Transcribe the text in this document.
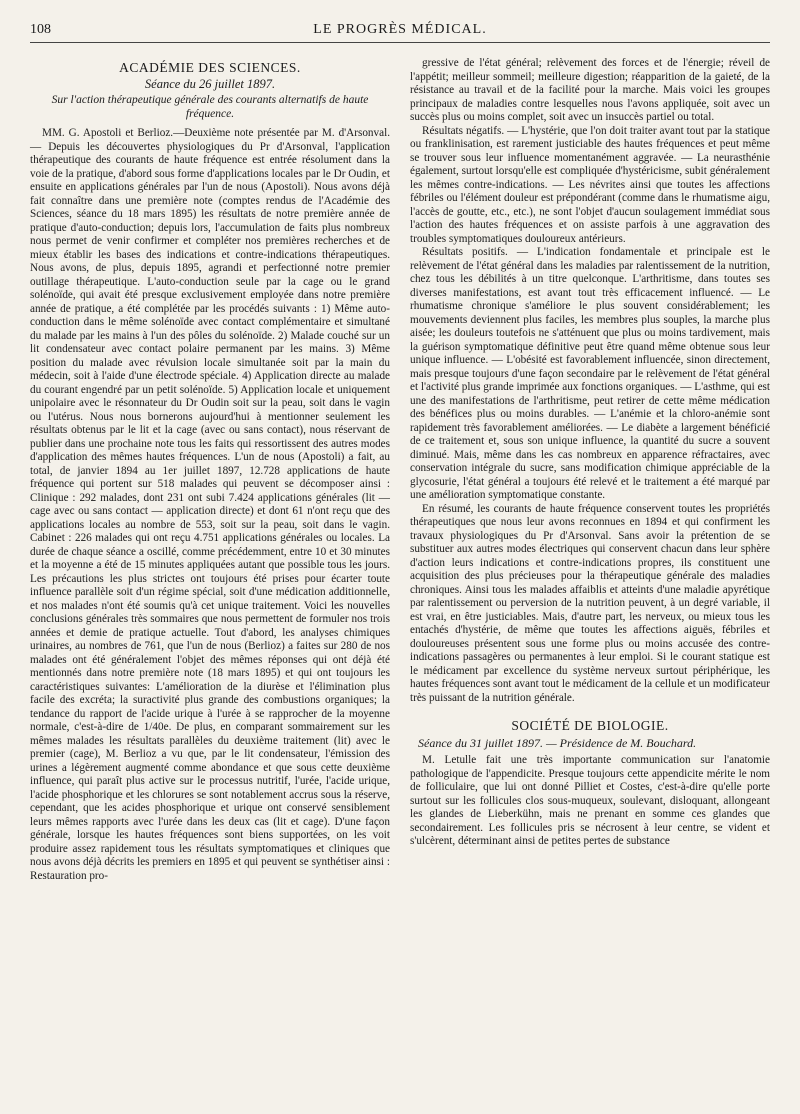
108	LE PROGRÈS MÉDICAL.
ACADÉMIE DES SCIENCES.
Séance du 26 juillet 1897.
Sur l'action thérapeutique générale des courants alternatifs de haute fréquence.

MM. G. Apostoli et Berlioz.—Deuxième note présentée par M. d'Arsonval. — Depuis les découvertes physiologiques du Pr d'Arsonval, l'application thérapeutique des courants de haute fréquence est entrée résolument dans la voie de la pratique, d'abord sous forme d'applications locales par le Dr Oudin, et ensuite en applications générales par l'un de nous (Apostoli). Nous avons déjà fait connaître dans une première note (comptes rendus de l'Académie des Sciences, séance du 18 mars 1895) les résultats de notre première année de pratique d'auto-conduction; depuis lors, l'accumulation de faits plus nombreux nous permet de venir confirmer et compléter nos premières recherches et de mieux établir les bases des indications et contre-indications thérapeutiques. Nous avons, de plus, depuis 1895, agrandi et perfectionné notre premier outillage thérapeutique. L'auto-conduction seule par la cage ou le grand solénoïde, qui avait été presque exclusivement employée dans notre première année de pratique, a été complétée par les procédés suivants : 1) Même auto-conduction dans le même solénoïde avec contact complémentaire et simultané du malade par les mains à l'un des pôles du solénoïde. 2) Malade couché sur un lit condensateur avec contact polaire permanent par les mains. 3) Même position du malade avec révulsion locale simultanée soit par la main du médecin, soit à l'aide d'une électrode spéciale. 4) Application directe au malade du courant engendré par un petit solénoïde. 5) Application locale et uniquement unipolaire avec le résonnateur du Dr Oudin soit sur la peau, soit dans le vagin ou l'utérus. Nous nous bornerons aujourd'hui à mentionner seulement les résultats obtenus par le lit et la cage (avec ou sans contact), nous réservant de publier dans une prochaine note tous les faits qui ressortissent des autres modes d'application des mêmes hautes fréquences. L'un de nous (Apostoli) a fait, au total, de janvier 1894 au 1er juillet 1897, 12.728 applications de haute fréquence qui portent sur 518 malades qui peuvent se décomposer ainsi : Clinique : 292 malades, dont 231 ont subi 7.424 applications générales (lit — cage avec ou sans contact — application directe) et dont 61 n'ont reçu que des applications locales au nombre de 553, soit sur la peau, soit dans le vagin. Cabinet : 226 malades qui ont reçu 4.751 applications générales ou locales. La durée de chaque séance a oscillé, comme précédemment, entre 10 et 30 minutes et la moyenne a été de 15 minutes appliquées autant que possible tous les jours. Les précautions les plus strictes ont toujours été prises pour écarter toute influence parallèle soit d'un régime spécial, soit d'une médication additionnelle, et nos malades n'ont été soumis qu'à cet unique traitement. Voici les nouvelles conclusions générales très sommaires que nous permettent de formuler nos trois années et demie de pratique actuelle. Tout d'abord, les analyses chimiques urinaires, au nombres de 761, que l'un de nous (Berlioz) a faites sur 280 de nos malades ont été généralement l'objet des mêmes réponses qui ont déjà été mentionnés dans notre première note (18 mars 1895) et qui ont toujours les caractéristiques suivantes: L'amélioration de la diurèse et l'élimination plus facile des excréta; la suractivité plus grande des combustions organiques; la tendance du rapport de l'acide urique à l'urée à se rapprocher de la moyenne normale, c'est-à-dire de 1/40e. De plus, en comparant sommairement sur les mêmes malades les résultats parallèles du deuxième traitement (lit) avec le premier (cage), M. Berlioz a vu que, par le lit condensateur, l'émission des urines a légèrement augmenté comme abondance et que sous cette deuxième influence, qui paraît plus active sur le processus nutritif, l'urée, l'acide urique, l'acide phosphorique et les chlorures se sont notablement accrus sous la réserve, cependant, que les acides phosphorique et urique ont conservé sensiblement leurs mêmes rapports avec l'urée dans les deux cas (lit et cage). D'une façon générale, lorsque les hautes fréquences sont biens supportées, on les voit produire assez rapidement tous les résultats symptomatiques et cliniques que nous avons déjà décrits les premiers en 1895 et qui peuvent se synthétiser ainsi : Restauration pro-

gressive de l'état général; relèvement des forces et de l'énergie; réveil de l'appétit; meilleur sommeil; meilleure digestion; réapparition de la gaieté, de la résistance au travail et de la facilité pour la marche. Mais voici les groupes principaux de maladies contre lesquelles nous l'avons appliquée, soit avec un succès plus ou moins complet, soit avec un insuccès partiel ou total.

Résultats négatifs. — L'hystérie, que l'on doit traiter avant tout par la statique ou franklinisation, est rarement justiciable des hautes fréquences et peut même se trouver sous leur influence momentanément aggravée. — La neurasthénie également, surtout lorsqu'elle est compliquée d'hystéricisme, subit généralement les mêmes contre-indications. — Les névrites ainsi que toutes les affections fébriles ou l'élément douleur est prépondérant (comme dans le rhumatisme aigu, l'accès de goutte, etc., etc.), ne sont l'objet d'aucun soulagement immédiat sous l'action des hautes fréquences et on assiste parfois à une aggravation des troubles symptomatiques douloureux antérieurs.

Résultats positifs. — L'indication fondamentale et principale est le relèvement de l'état général dans les maladies par ralentissement de la nutrition, chez tous les débilités à un titre quelconque. L'arthritisme, dans toutes ses diverses manifestations, est avant tout très efficacement influencé. — Le rhumatisme chronique s'améliore le plus souvent considérablement; les mouvements deviennent plus faciles, les membres plus souples, la marche plus aisée; les douleurs toutefois ne s'atténuent que plus ou moins tardivement, mais la guérison symptomatique définitive peut être quand même obtenue sous leur unique influence. — L'obésité est favorablement influencée, sinon directement, mais presque toujours d'une façon secondaire par le relèvement de l'état général et l'activité plus grande imprimée aux fonctions organiques. — L'asthme, qui est une des manifestations de l'arthritisme, peut retirer de cette même médication des bénéfices plus ou moins durables. — L'anémie et la chloro-anémie sont rapidement très favorablement améliorées. — Le diabète a largement bénéficié de ce traitement et, sous son unique influence, la quantité du sucre a souvent diminué. Mais, même dans les cas nombreux en apparence réfractaires, avec conservation intégrale du sucre, sans modification chimique appréciable de la glycosurie, l'état général a toujours été relevé et le traitement a été marqué par une amélioration symptomatique constante.

En résumé, les courants de haute fréquence conservent toutes les propriétés thérapeutiques que nous leur avons reconnues en 1894 et qui confirment les travaux physiologiques du Pr d'Arsonval. Sans avoir la prétention de se substituer aux autres modes électriques qui conservent chacun dans leur sphère d'action leurs indications et contre-indications propres, ils constituent une acquisition des plus précieuses pour la thérapeutique générale des maladies chroniques. Ainsi tous les malades affaiblis et atteints d'une maladie apyrétique par ralentissement ou perversion de la nutrition peuvent, à un degré variable, il est vrai, en être justiciables. Mais, d'autre part, les nerveux, ou mieux tous les entachés d'hystérie, de même que toutes les affections aiguës, fébriles et douloureuses présentent sous une forme plus ou moins accusée des contre-indications passagères ou permanentes à leur emploi. Si le courant statique est le médicament par excellence du système nerveux surtout périphérique, les hautes fréquences sont avant tout le médicament de la cellule et un modificateur très puissant de la nutrition générale.

SOCIÉTÉ DE BIOLOGIE.
Séance du 31 juillet 1897. — Présidence de M. Bouchard.

M. Letulle fait une très importante communication sur l'anatomie pathologique de l'appendicite. Presque toujours cette appendicite mérite le nom de folliculaire, que lui ont donné Pilliet et Costes, c'est-à-dire qu'elle porte surtout sur les follicules clos sous-muqueux, soulevant, disloquant, allongeant les glandes de Lieberkühn, mais ne prenant en somme ces glandes que secondairement. Les follicules pris se nécrosent à leur centre, se vident et s'ulcèrent, déterminant ainsi de petites pertes de substance
